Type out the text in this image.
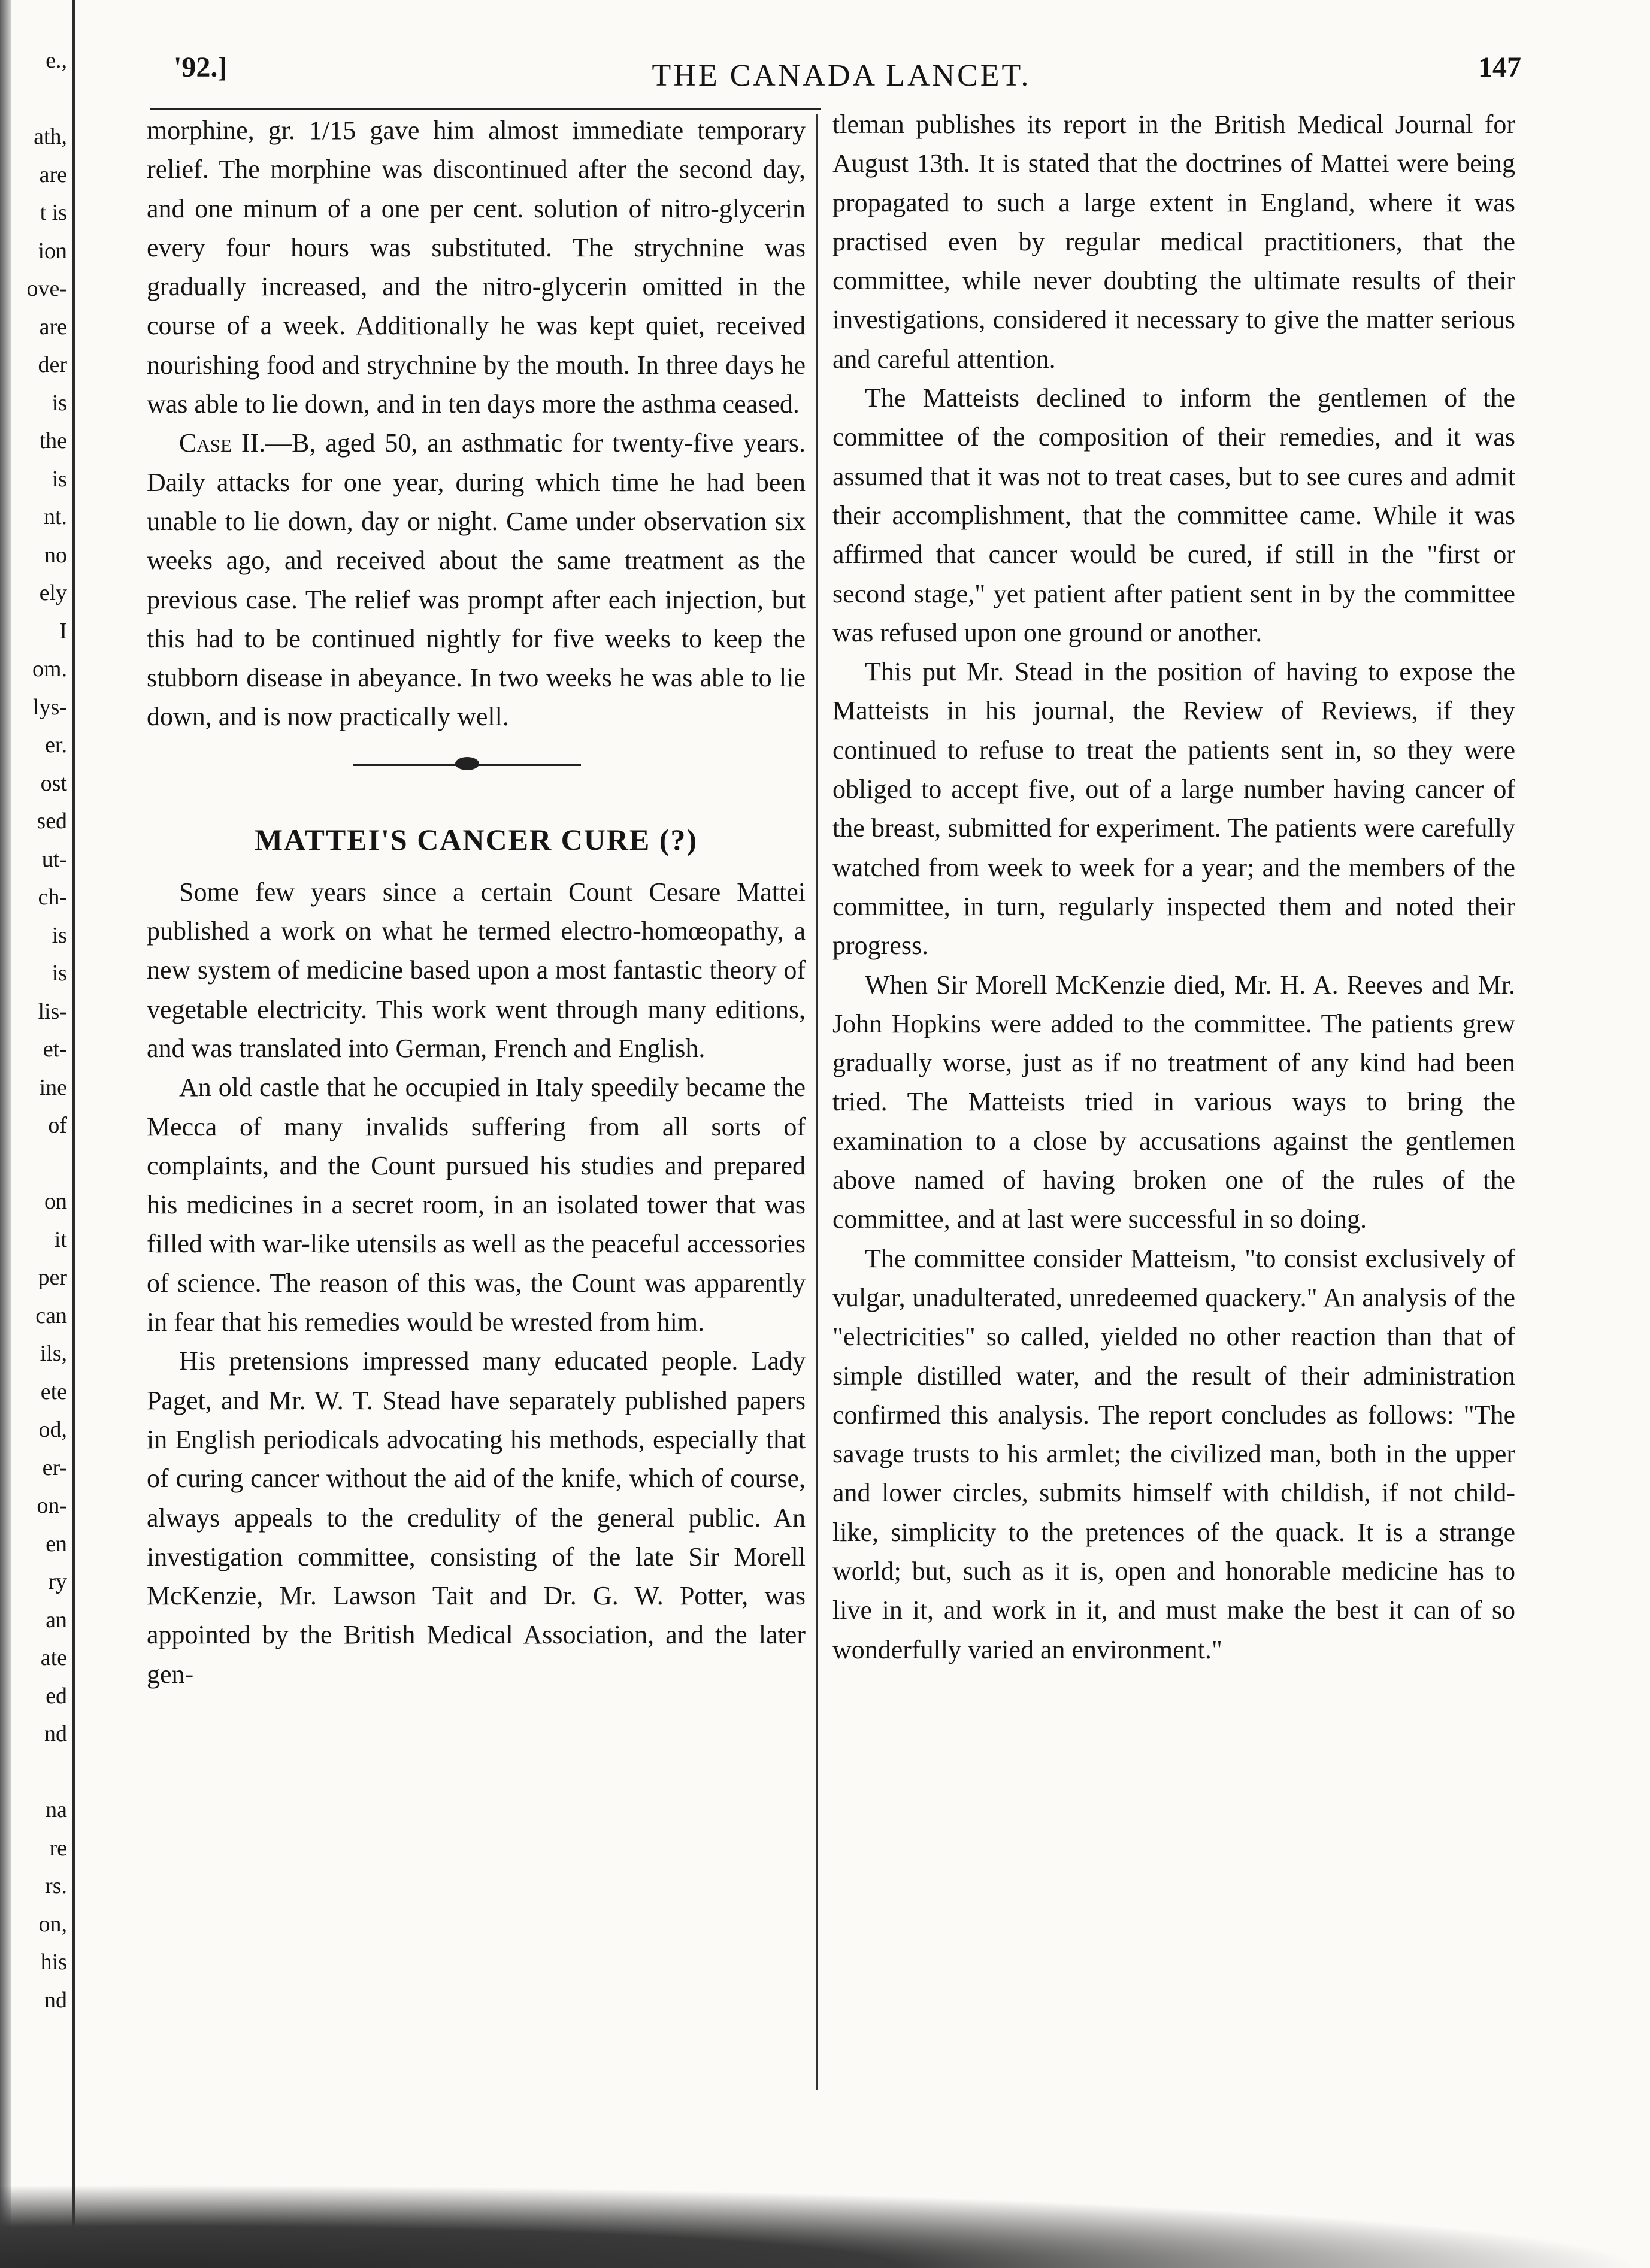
e.,
ath,
are
t is
ion
ove-
are
der
is
the
is
nt.
no
ely
I
om.
lys-
er.
ost
sed
ut-
ch-
is
is
lis-
et-
ine
of
on
it
per
can
ils,
ete
od,
er-
on-
en
ry
an
ate
ed
nd
na
re
rs.
on,
his
nd
'92.]	THE CANADA LANCET.	147

morphine, gr. 1/15 gave him almost immediate temporary relief. The morphine was discontinued after the second day, and one minum of a one per cent. solution of nitro-glycerin every four hours was substituted. The strychnine was gradually increased, and the nitro-glycerin omitted in the course of a week. Additionally he was kept quiet, received nourishing food and strychnine by the mouth. In three days he was able to lie down, and in ten days more the asthma ceased.

Case II.—B, aged 50, an asthmatic for twenty-five years. Daily attacks for one year, during which time he had been unable to lie down, day or night. Came under observation six weeks ago, and received about the same treatment as the previous case. The relief was prompt after each injection, but this had to be continued nightly for five weeks to keep the stubborn disease in abeyance. In two weeks he was able to lie down, and is now practically well.

MATTEI'S CANCER CURE (?)

Some few years since a certain Count Cesare Mattei published a work on what he termed electro-homœopathy, a new system of medicine based upon a most fantastic theory of vegetable electricity. This work went through many editions, and was translated into German, French and English.

An old castle that he occupied in Italy speedily became the Mecca of many invalids suffering from all sorts of complaints, and the Count pursued his studies and prepared his medicines in a secret room, in an isolated tower that was filled with war-like utensils as well as the peaceful accessories of science. The reason of this was, the Count was apparently in fear that his remedies would be wrested from him.

His pretensions impressed many educated people. Lady Paget, and Mr. W. T. Stead have separately published papers in English periodicals advocating his methods, especially that of curing cancer without the aid of the knife, which of course, always appeals to the credulity of the general public. An investigation committee, consisting of the late Sir Morell McKenzie, Mr. Lawson Tait and Dr. G. W. Potter, was appointed by the British Medical Association, and the later gen-

tleman publishes its report in the British Medical Journal for August 13th. It is stated that the doctrines of Mattei were being propagated to such a large extent in England, where it was practised even by regular medical practitioners, that the committee, while never doubting the ultimate results of their investigations, considered it necessary to give the matter serious and careful attention.

The Matteists declined to inform the gentlemen of the committee of the composition of their remedies, and it was assumed that it was not to treat cases, but to see cures and admit their accomplishment, that the committee came. While it was affirmed that cancer would be cured, if still in the "first or second stage," yet patient after patient sent in by the committee was refused upon one ground or another.

This put Mr. Stead in the position of having to expose the Matteists in his journal, the Review of Reviews, if they continued to refuse to treat the patients sent in, so they were obliged to accept five, out of a large number having cancer of the breast, submitted for experiment. The patients were carefully watched from week to week for a year; and the members of the committee, in turn, regularly inspected them and noted their progress.

When Sir Morell McKenzie died, Mr. H. A. Reeves and Mr. John Hopkins were added to the committee. The patients grew gradually worse, just as if no treatment of any kind had been tried. The Matteists tried in various ways to bring the examination to a close by accusations against the gentlemen above named of having broken one of the rules of the committee, and at last were successful in so doing.

The committee consider Matteism, "to consist exclusively of vulgar, unadulterated, unredeemed quackery." An analysis of the "electricities" so called, yielded no other reaction than that of simple distilled water, and the result of their administration confirmed this analysis. The report concludes as follows: "The savage trusts to his armlet; the civilized man, both in the upper and lower circles, submits himself with childish, if not child-like, simplicity to the pretences of the quack. It is a strange world; but, such as it is, open and honorable medicine has to live in it, and work in it, and must make the best it can of so wonderfully varied an environment."
